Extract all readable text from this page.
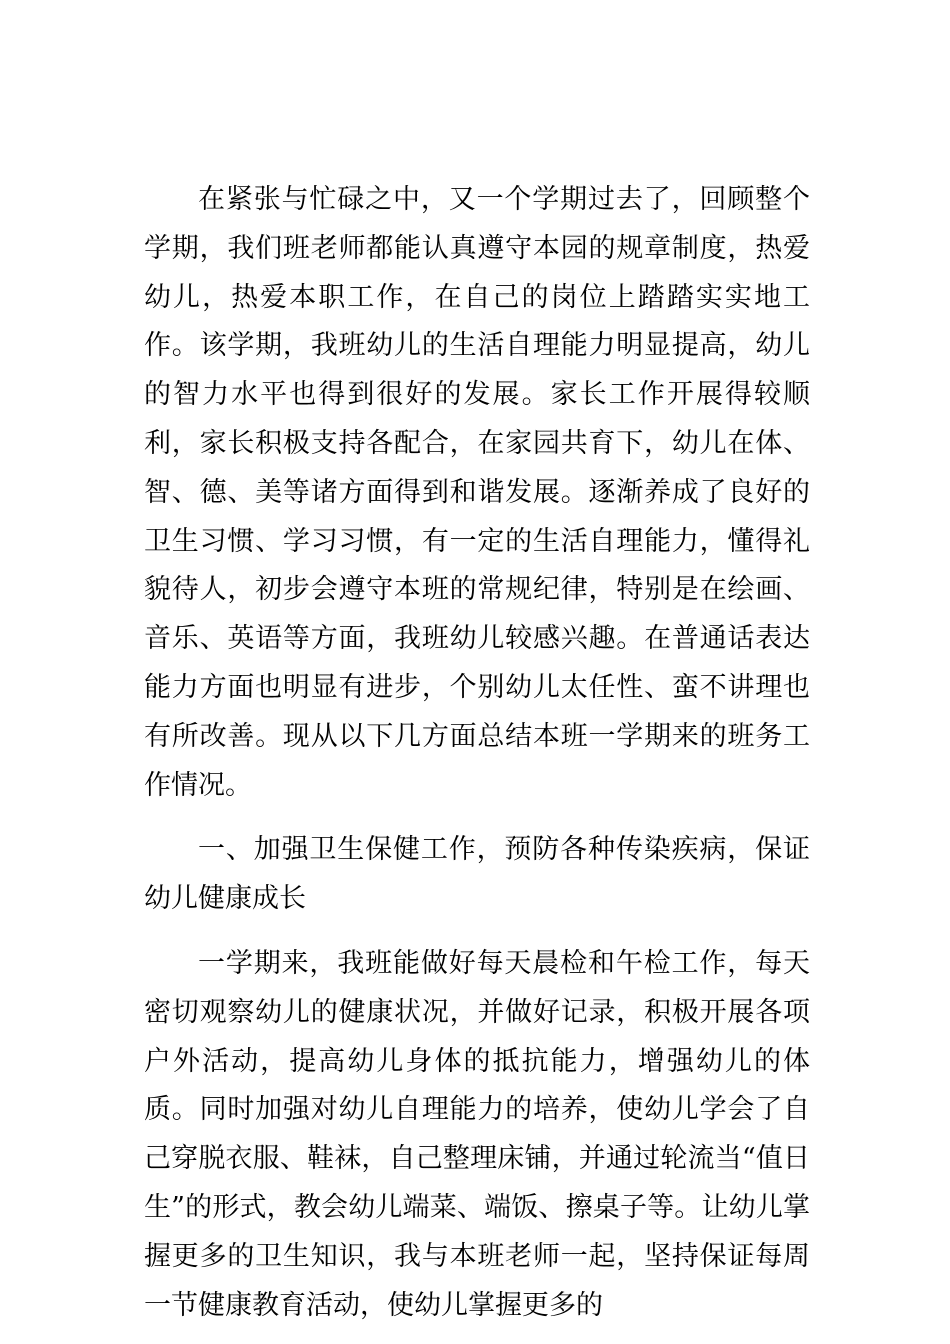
在紧张与忙碌之中，又一个学期过去了，回顾整个学期，我们班老师都能认真遵守本园的规章制度，热爱幼儿，热爱本职工作，在自己的岗位上踏踏实实地工作。该学期，我班幼儿的生活自理能力明显提高，幼儿的智力水平也得到很好的发展。家长工作开展得较顺利，家长积极支持各配合，在家园共育下，幼儿在体、智、德、美等诸方面得到和谐发展。逐渐养成了良好的卫生习惯、学习习惯，有一定的生活自理能力，懂得礼貌待人，初步会遵守本班的常规纪律，特别是在绘画、音乐、英语等方面，我班幼儿较感兴趣。在普通话表达能力方面也明显有进步，个别幼儿太任性、蛮不讲理也有所改善。现从以下几方面总结本班一学期来的班务工作情况。

一、加强卫生保健工作，预防各种传染疾病，保证幼儿健康成长

一学期来，我班能做好每天晨检和午检工作，每天密切观察幼儿的健康状况，并做好记录，积极开展各项户外活动，提高幼儿身体的抵抗能力，增强幼儿的体质。同时加强对幼儿自理能力的培养，使幼儿学会了自己穿脱衣服、鞋袜，自己整理床铺，并通过轮流当“值日生”的形式，教会幼儿端菜、端饭、擦桌子等。让幼儿掌握更多的卫生知识，我与本班老师一起，坚持保证每周一节健康教育活动，使幼儿掌握更多的
